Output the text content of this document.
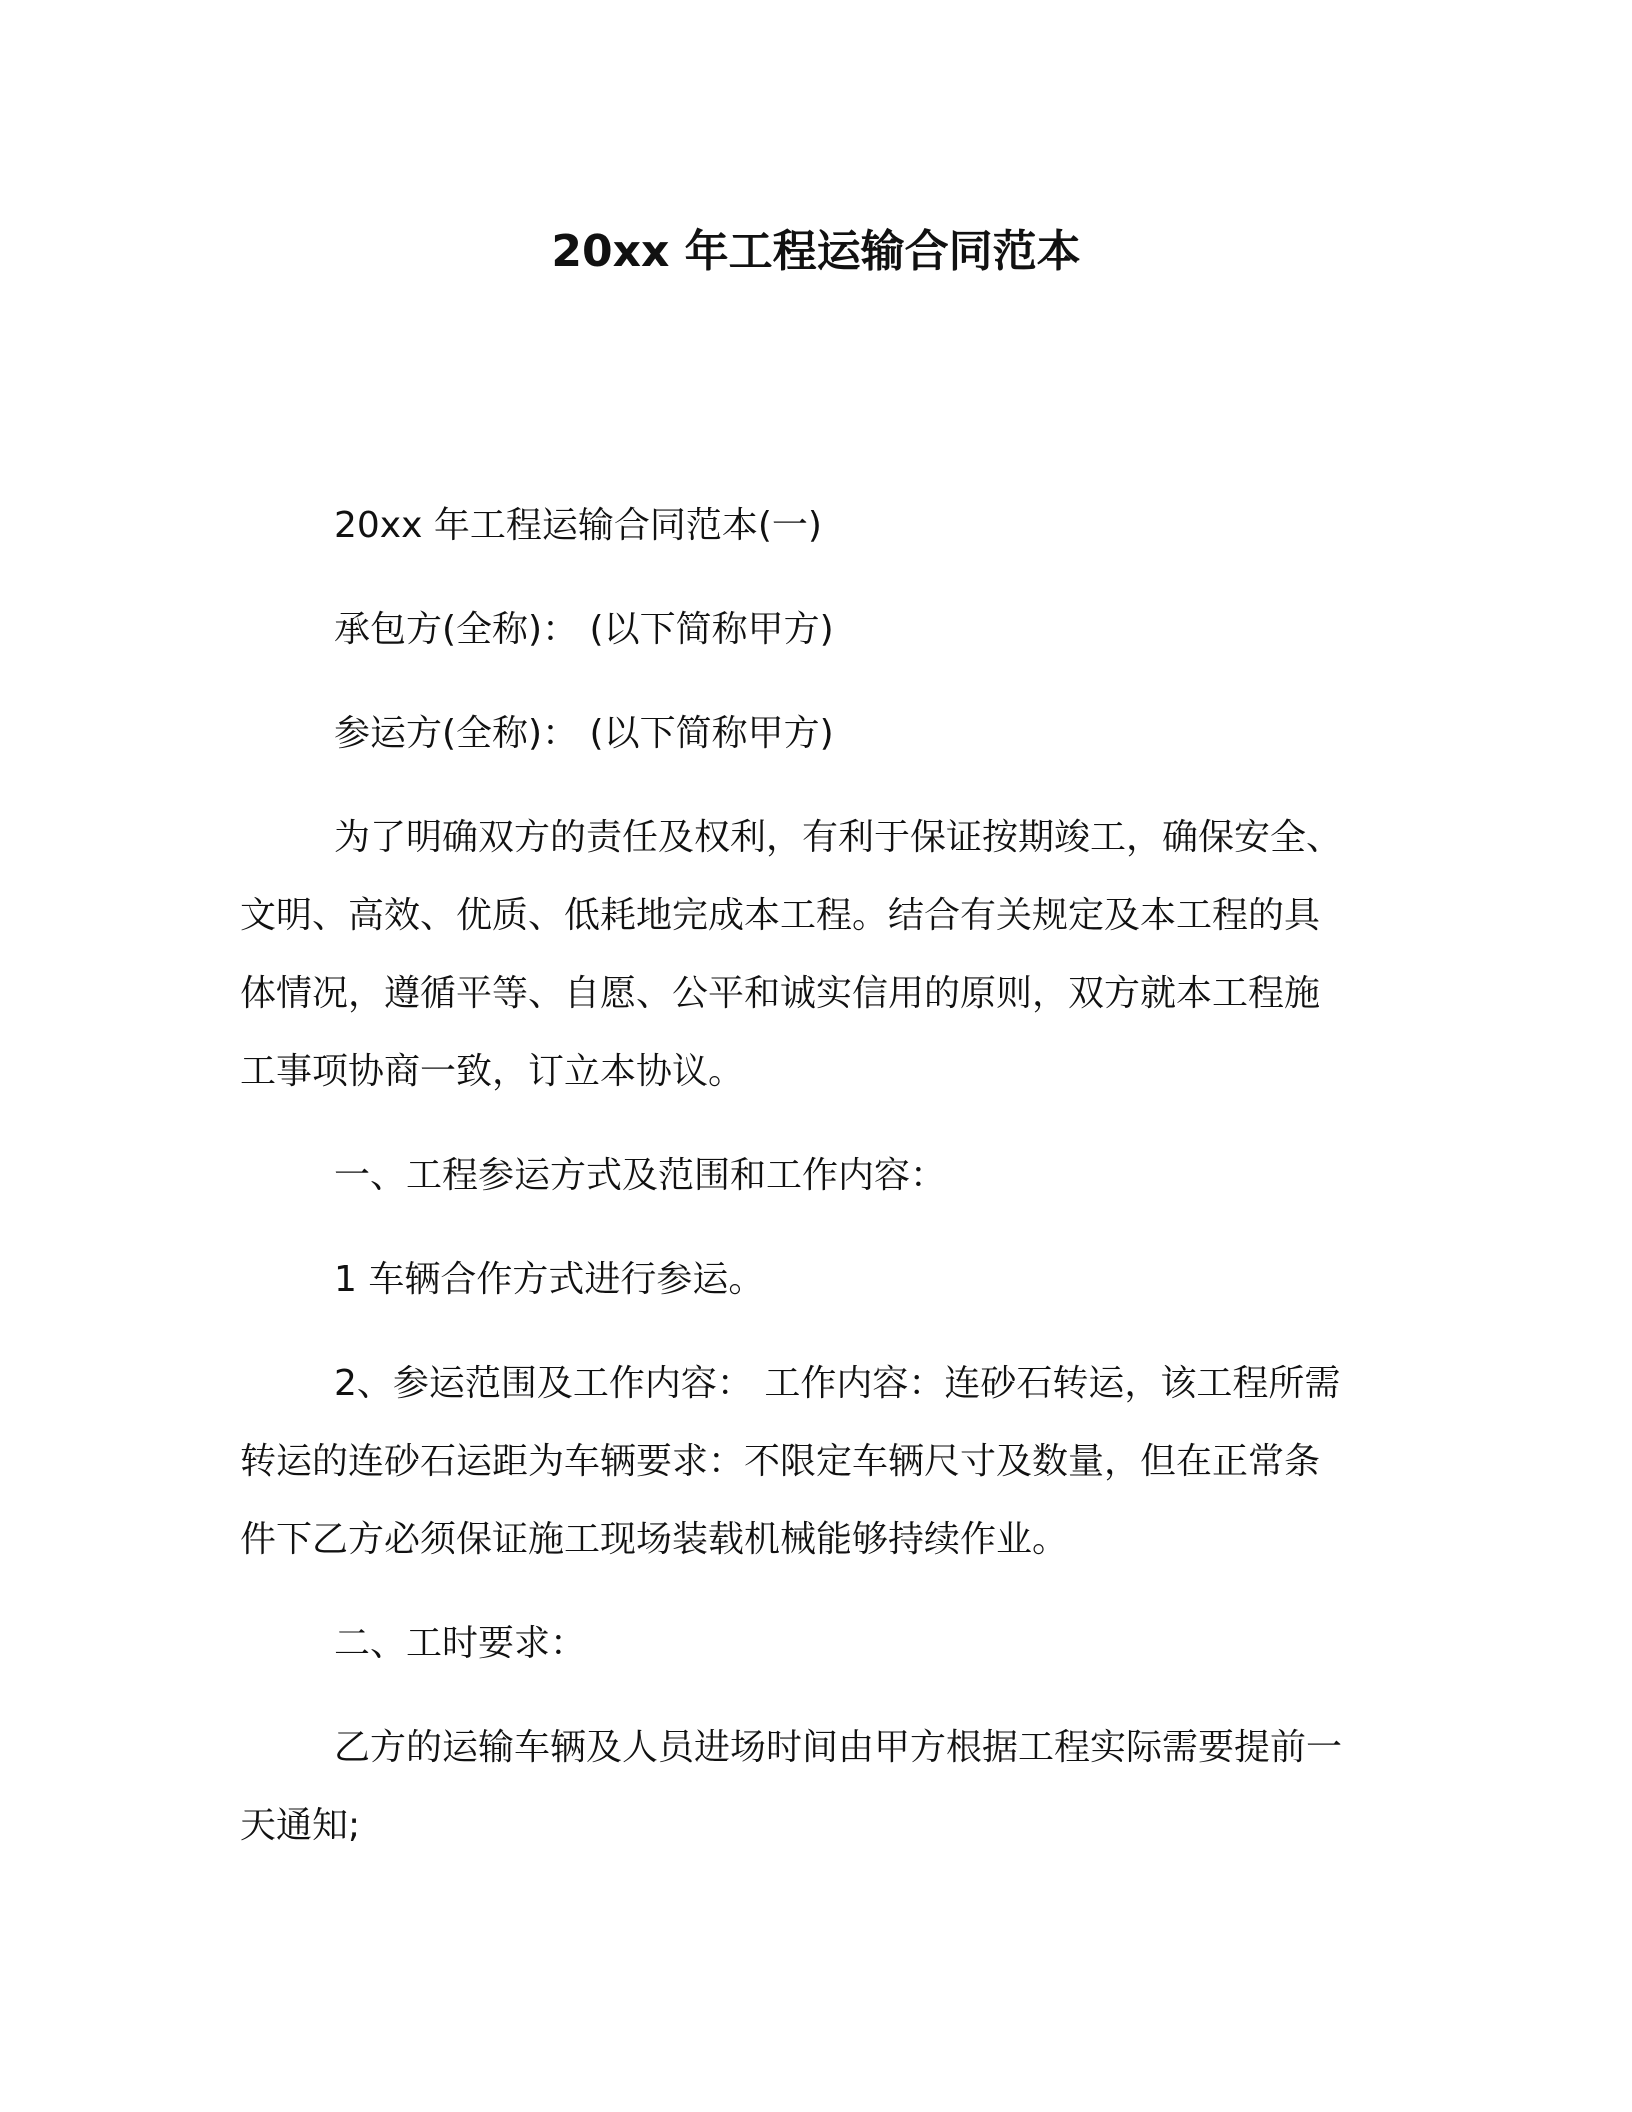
20xx 年工程运输合同范本

20xx 年工程运输合同范本(一)

承包方(全称)： (以下简称甲方)

参运方(全称)： (以下简称甲方)

为了明确双方的责任及权利，有利于保证按期竣工，确保安全、
文明、高效、优质、低耗地完成本工程。结合有关规定及本工程的具
体情况，遵循平等、自愿、公平和诚实信用的原则，双方就本工程施
工事项协商一致，订立本协议。

一、工程参运方式及范围和工作内容：

1 车辆合作方式进行参运。

2、参运范围及工作内容： 工作内容：连砂石转运，该工程所需
转运的连砂石运距为车辆要求：不限定车辆尺寸及数量，但在正常条
件下乙方必须保证施工现场装载机械能够持续作业。

二、工时要求：

乙方的运输车辆及人员进场时间由甲方根据工程实际需要提前一
天通知;
